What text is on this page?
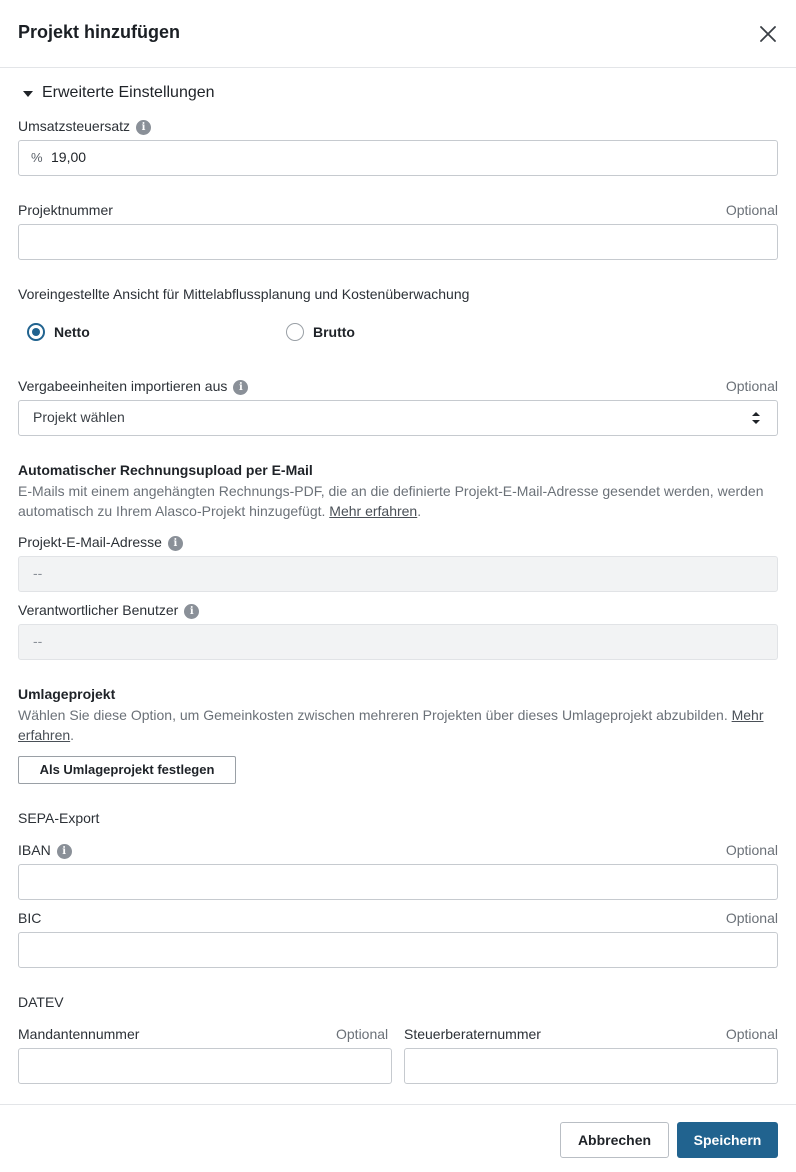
Projekt hinzufügen
Erweiterte Einstellungen
Umsatzsteuersatz i
% 19,00
Projektnummer	Optional
Voreingestellte Ansicht für Mittelabflussplanung und Kostenüberwachung
Netto	Brutto
Vergabeeinheiten importieren aus i	Optional
Projekt wählen
Automatischer Rechnungsupload per E-Mail
E-Mails mit einem angehängten Rechnungs-PDF, die an die definierte Projekt-E-Mail-Adresse gesendet werden, werden automatisch zu Ihrem Alasco-Projekt hinzugefügt. Mehr erfahren.
Projekt-E-Mail-Adresse i
--
Verantwortlicher Benutzer i
--
Umlageprojekt
Wählen Sie diese Option, um Gemeinkosten zwischen mehreren Projekten über dieses Umlageprojekt abzubilden. Mehr erfahren.
Als Umlageprojekt festlegen
SEPA-Export
IBAN i	Optional
BIC	Optional
DATEV
Mandantennummer	Optional Steuerberaternummer	Optional
Abbrechen	Speichern
